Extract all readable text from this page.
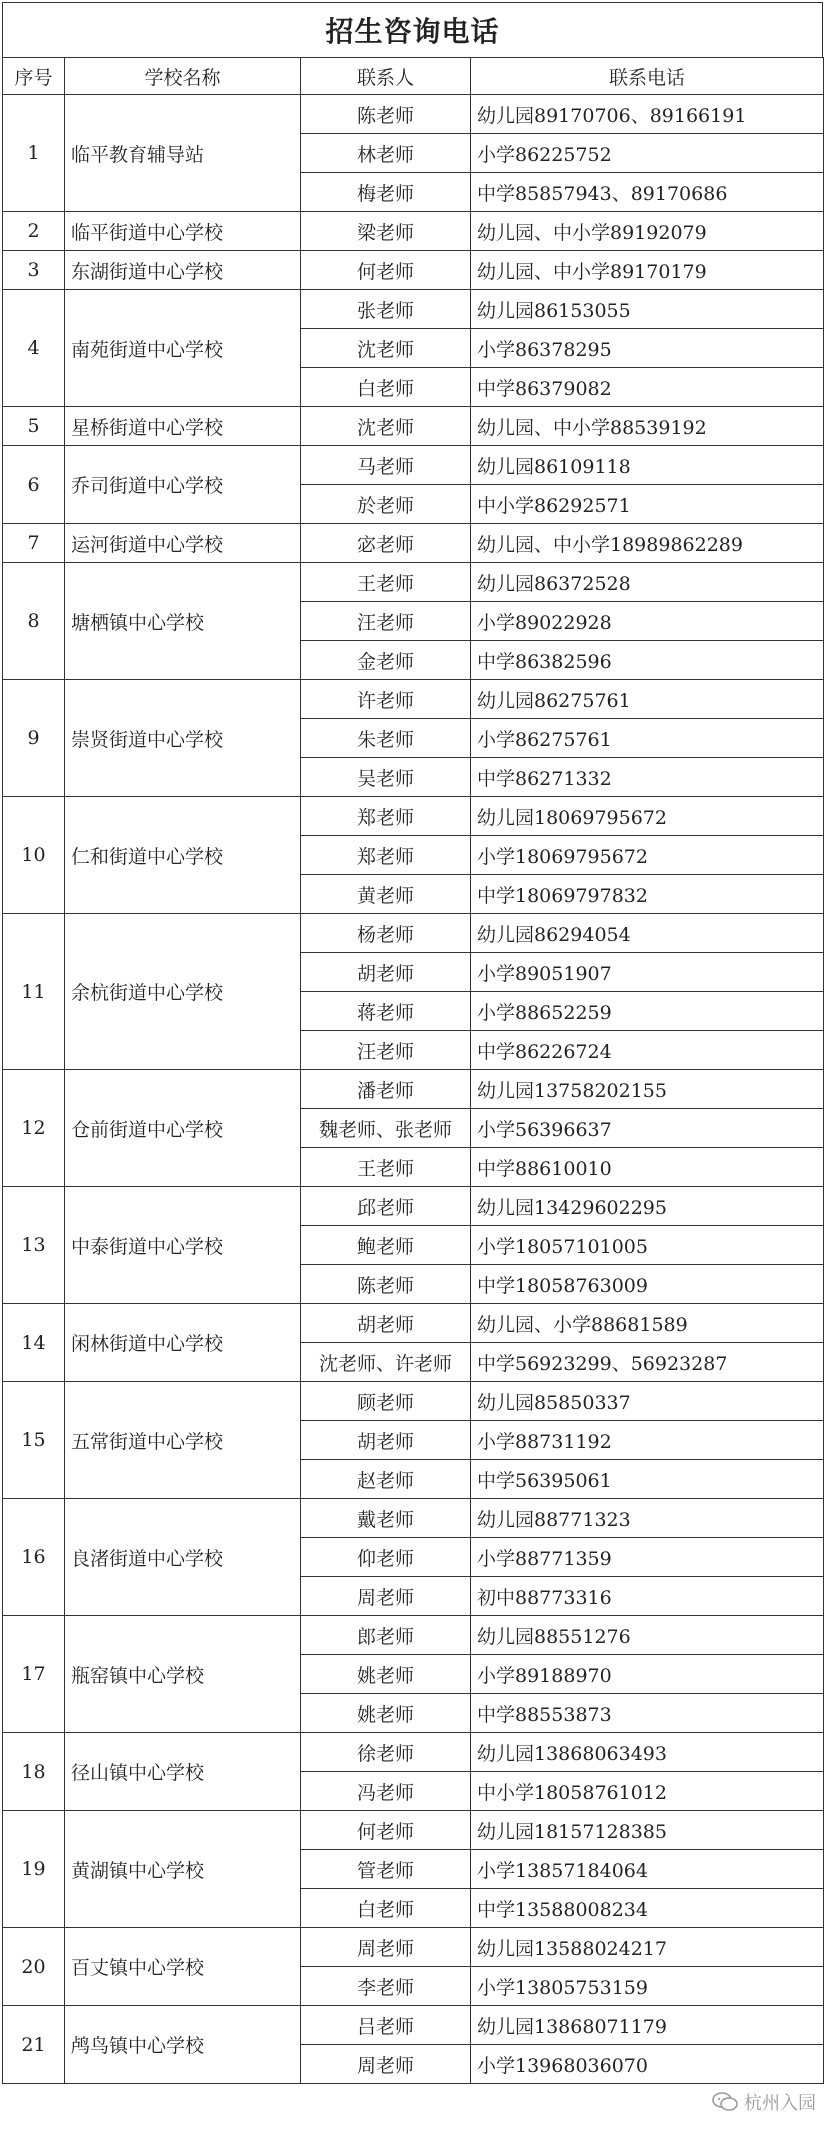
招生咨询电话
序号	学校名称	联系人	联系电话
1	临平教育辅导站	陈老师	幼儿园89170706、89166191
		林老师	小学86225752
		梅老师	中学85857943、89170686
2	临平街道中心学校	梁老师	幼儿园、中小学89192079
3	东湖街道中心学校	何老师	幼儿园、中小学89170179
4	南苑街道中心学校	张老师	幼儿园86153055
		沈老师	小学86378295
		白老师	中学86379082
5	星桥街道中心学校	沈老师	幼儿园、中小学88539192
6	乔司街道中心学校	马老师	幼儿园86109118
		於老师	中小学86292571
7	运河街道中心学校	宓老师	幼儿园、中小学18989862289
8	塘栖镇中心学校	王老师	幼儿园86372528
		汪老师	小学89022928
		金老师	中学86382596
9	崇贤街道中心学校	许老师	幼儿园86275761
		朱老师	小学86275761
		吴老师	中学86271332
10	仁和街道中心学校	郑老师	幼儿园18069795672
		郑老师	小学18069795672
		黄老师	中学18069797832
11	余杭街道中心学校	杨老师	幼儿园86294054
		胡老师	小学89051907
		蒋老师	小学88652259
		汪老师	中学86226724
12	仓前街道中心学校	潘老师	幼儿园13758202155
		魏老师、张老师	小学56396637
		王老师	中学88610010
13	中泰街道中心学校	邱老师	幼儿园13429602295
		鲍老师	小学18057101005
		陈老师	中学18058763009
14	闲林街道中心学校	胡老师	幼儿园、小学88681589
		沈老师、许老师	中学56923299、56923287
15	五常街道中心学校	顾老师	幼儿园85850337
		胡老师	小学88731192
		赵老师	中学56395061
16	良渚街道中心学校	戴老师	幼儿园88771323
		仰老师	小学88771359
		周老师	初中88773316
17	瓶窑镇中心学校	郎老师	幼儿园88551276
		姚老师	小学89188970
		姚老师	中学88553873
18	径山镇中心学校	徐老师	幼儿园13868063493
		冯老师	中小学18058761012
19	黄湖镇中心学校	何老师	幼儿园18157128385
		管老师	小学13857184064
		白老师	中学13588008234
20	百丈镇中心学校	周老师	幼儿园13588024217
		李老师	小学13805753159
21	鸬鸟镇中心学校	吕老师	幼儿园13868071179
		周老师	小学13968036070
杭州入园
